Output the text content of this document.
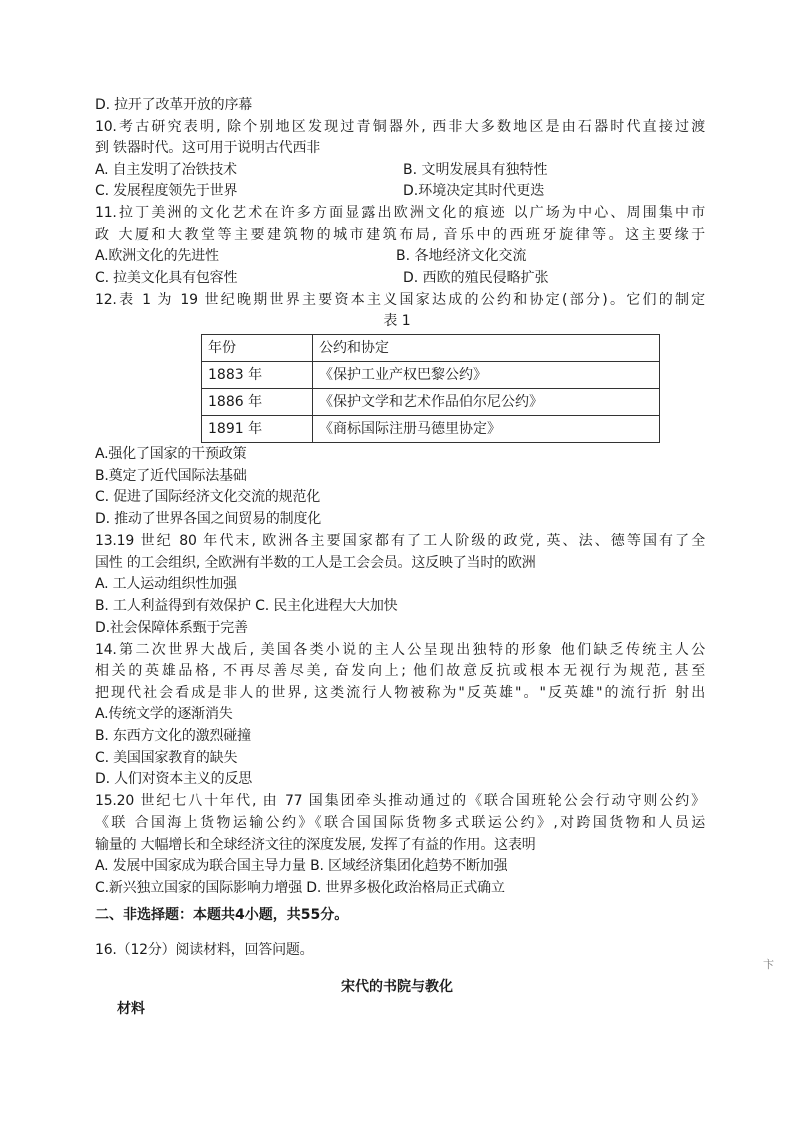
D. 拉开了改革开放的序幕
10.考古研究表明, 除个别地区发现过青铜器外, 西非大多数地区是由石器时代直接过渡
到 铁器时代。这可用于说明古代西非
A. 自主发明了冶铁技术	B. 文明发展具有独特性
C. 发展程度领先于世界	D.环境决定其时代更迭
11.拉丁美洲的文化艺术在许多方面显露出欧洲文化的痕迹 以广场为中心、周围集中市
政 大厦和大教堂等主要建筑物的城市建筑布局, 音乐中的西班牙旋律等。这主要缘于
A.欧洲文化的先进性	B. 各地经济文化交流
C. 拉美文化具有包容性	D. 西欧的殖民侵略扩张
12.表 1 为 19 世纪晚期世界主要资本主义国家达成的公约和协定(部分)。它们的制定
表 1
年份	公约和协定
1883 年	《保护工业产权巴黎公约》
1886 年	《保护文学和艺术作品伯尔尼公约》
1891 年	《商标国际注册马德里协定》
A.强化了国家的干预政策
B.奠定了近代国际法基础
C. 促进了国际经济文化交流的规范化
D. 推动了世界各国之间贸易的制度化
13.19 世纪 80 年代末, 欧洲各主要国家都有了工人阶级的政党, 英、法、德等国有了全
国性 的工会组织, 全欧洲有半数的工人是工会会员。这反映了当时的欧洲
A. 工人运动组织性加强
B. 工人利益得到有效保护 C. 民主化进程大大加快
D.社会保障体系甄于完善
14.第二次世界大战后, 美国各类小说的主人公呈现出独特的形象 他们缺乏传统主人公
相关的英雄品格, 不再尽善尽美, 奋发向上; 他们故意反抗或根本无视行为规范, 甚至
把现代社会看成是非人的世界, 这类流行人物被称为"反英雄"。"反英雄"的流行折 射出
A.传统文学的逐渐消失
B. 东西方文化的激烈碰撞
C. 美国国家教育的缺失
D. 人们对资本主义的反思
15.20 世纪七八十年代, 由 77 国集团牵头推动通过的《联合国班轮公会行动守则公约》
《联 合国海上货物运输公约》《联合国国际货物多式联运公约》,对跨国货物和人员运
输量的 大幅增长和全球经济文往的深度发展, 发挥了有益的作用。这表明
A. 发展中国家成为联合国主导力量 B. 区域经济集团化趋势不断加强
C.新兴独立国家的国际影响力增强 D. 世界多极化政治格局正式确立
二、非选择题：本题共4小题，共55分。
16.（12分）阅读材料，回答问题。
卞
宋代的书院与教化
材料
